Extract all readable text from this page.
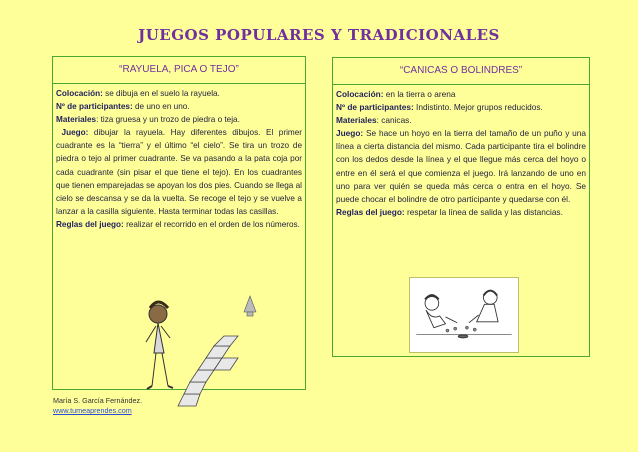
JUEGOS POPULARES Y TRADICIONALES
“RAYUELA, PICA O TEJO”

Colocación: se dibuja en el suelo la rayuela.

Nº de participantes: de uno en uno.

Materiales: tiza gruesa y un trozo de piedra o teja.

Juego: dibujar la rayuela. Hay diferentes dibujos. El primer cuadrante es la “tierra” y el último “el cielo”. Se tira un trozo de piedra o tejo al primer cuadrante. Se va pasando a la pata coja por cada cuadrante (sin pisar el que tiene el tejo). En los cuadrantes que tienen emparejadas se apoyan los dos pies. Cuando se llega al cielo se descansa y se da la vuelta. Se recoge el tejo y se vuelve a lanzar a la casilla siguiente. Hasta terminar todas las casillas.

Reglas del juego: realizar el recorrido en el orden de los números.

“CANICAS O BOLINDRES”

Colocación: en la tierra o arena

Nº de participantes: Indistinto. Mejor grupos reducidos.

Materiales: canicas.

Juego: Se hace un hoyo en la tierra del tamaño de un puño y una línea a cierta distancia del mismo. Cada participante tira el bolindre con los dedos desde la línea y el que llegue más cerca del hoyo o entre en él será el que comienza el juego. Irá lanzando de uno en uno para ver quién se queda más cerca o entra en el hoyo. Se puede chocar el bolindre de otro participante y quedarse con él.

Reglas del juego: respetar la línea de salida y las distancias.

María S. García Fernández.
www.tumeaprendes.com
